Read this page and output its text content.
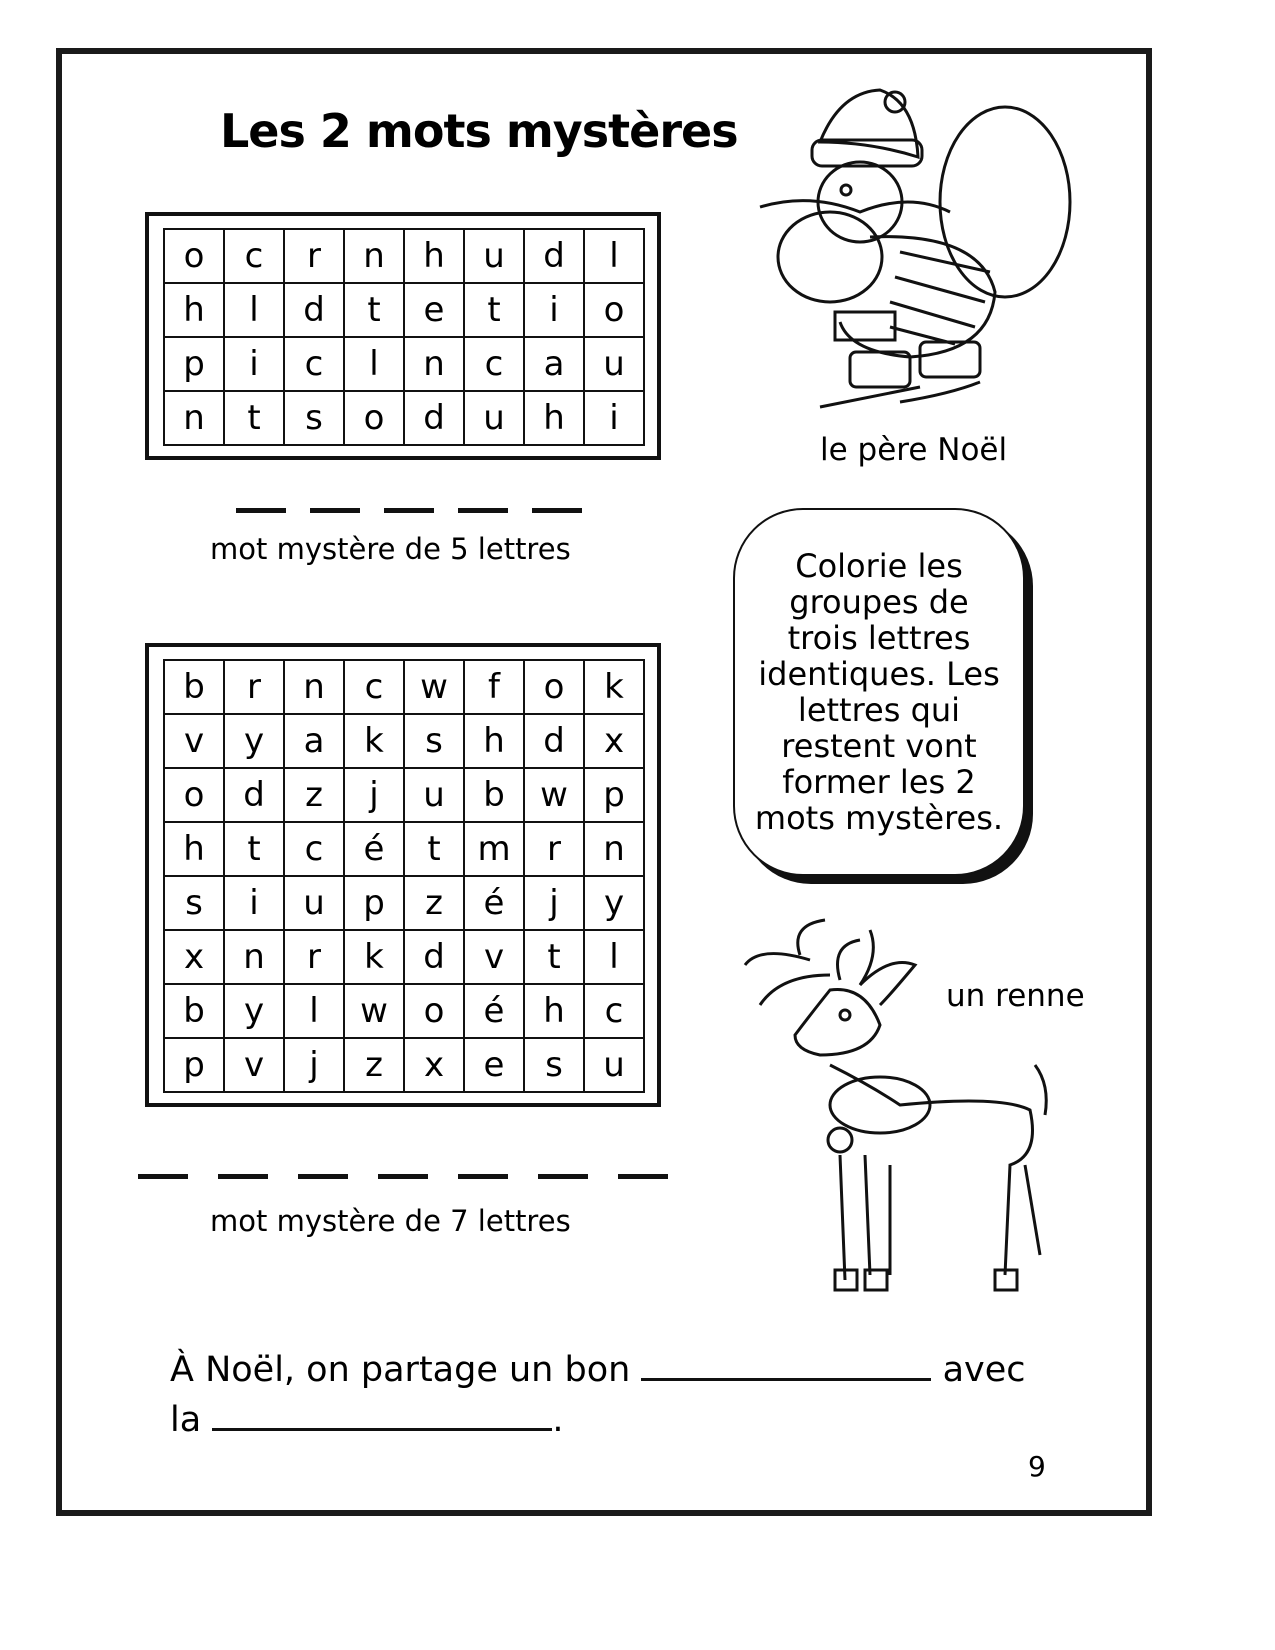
Les 2 mots mystères
o	c	r	n	h	u	d	l
h	l	d	t	e	t	i	o
p	i	c	l	n	c	a	u
n	t	s	o	d	u	h	i
mot mystère de 5 lettres
b	r	n	c	w	f	o	k
v	y	a	k	s	h	d	x
o	d	z	j	u	b	w	p
h	t	c	é	t	m	r	n
s	i	u	p	z	é	j	y
x	n	r	k	d	v	t	l
b	y	l	w	o	é	h	c
p	v	j	z	x	e	s	u
mot mystère de 7 lettres
le père Noël
Colorie les
groupes de
trois lettres
identiques. Les
lettres qui
restent vont
former les 2
mots mystères.
un renne
À Noël, on partage un bon	avec
la	.
9
